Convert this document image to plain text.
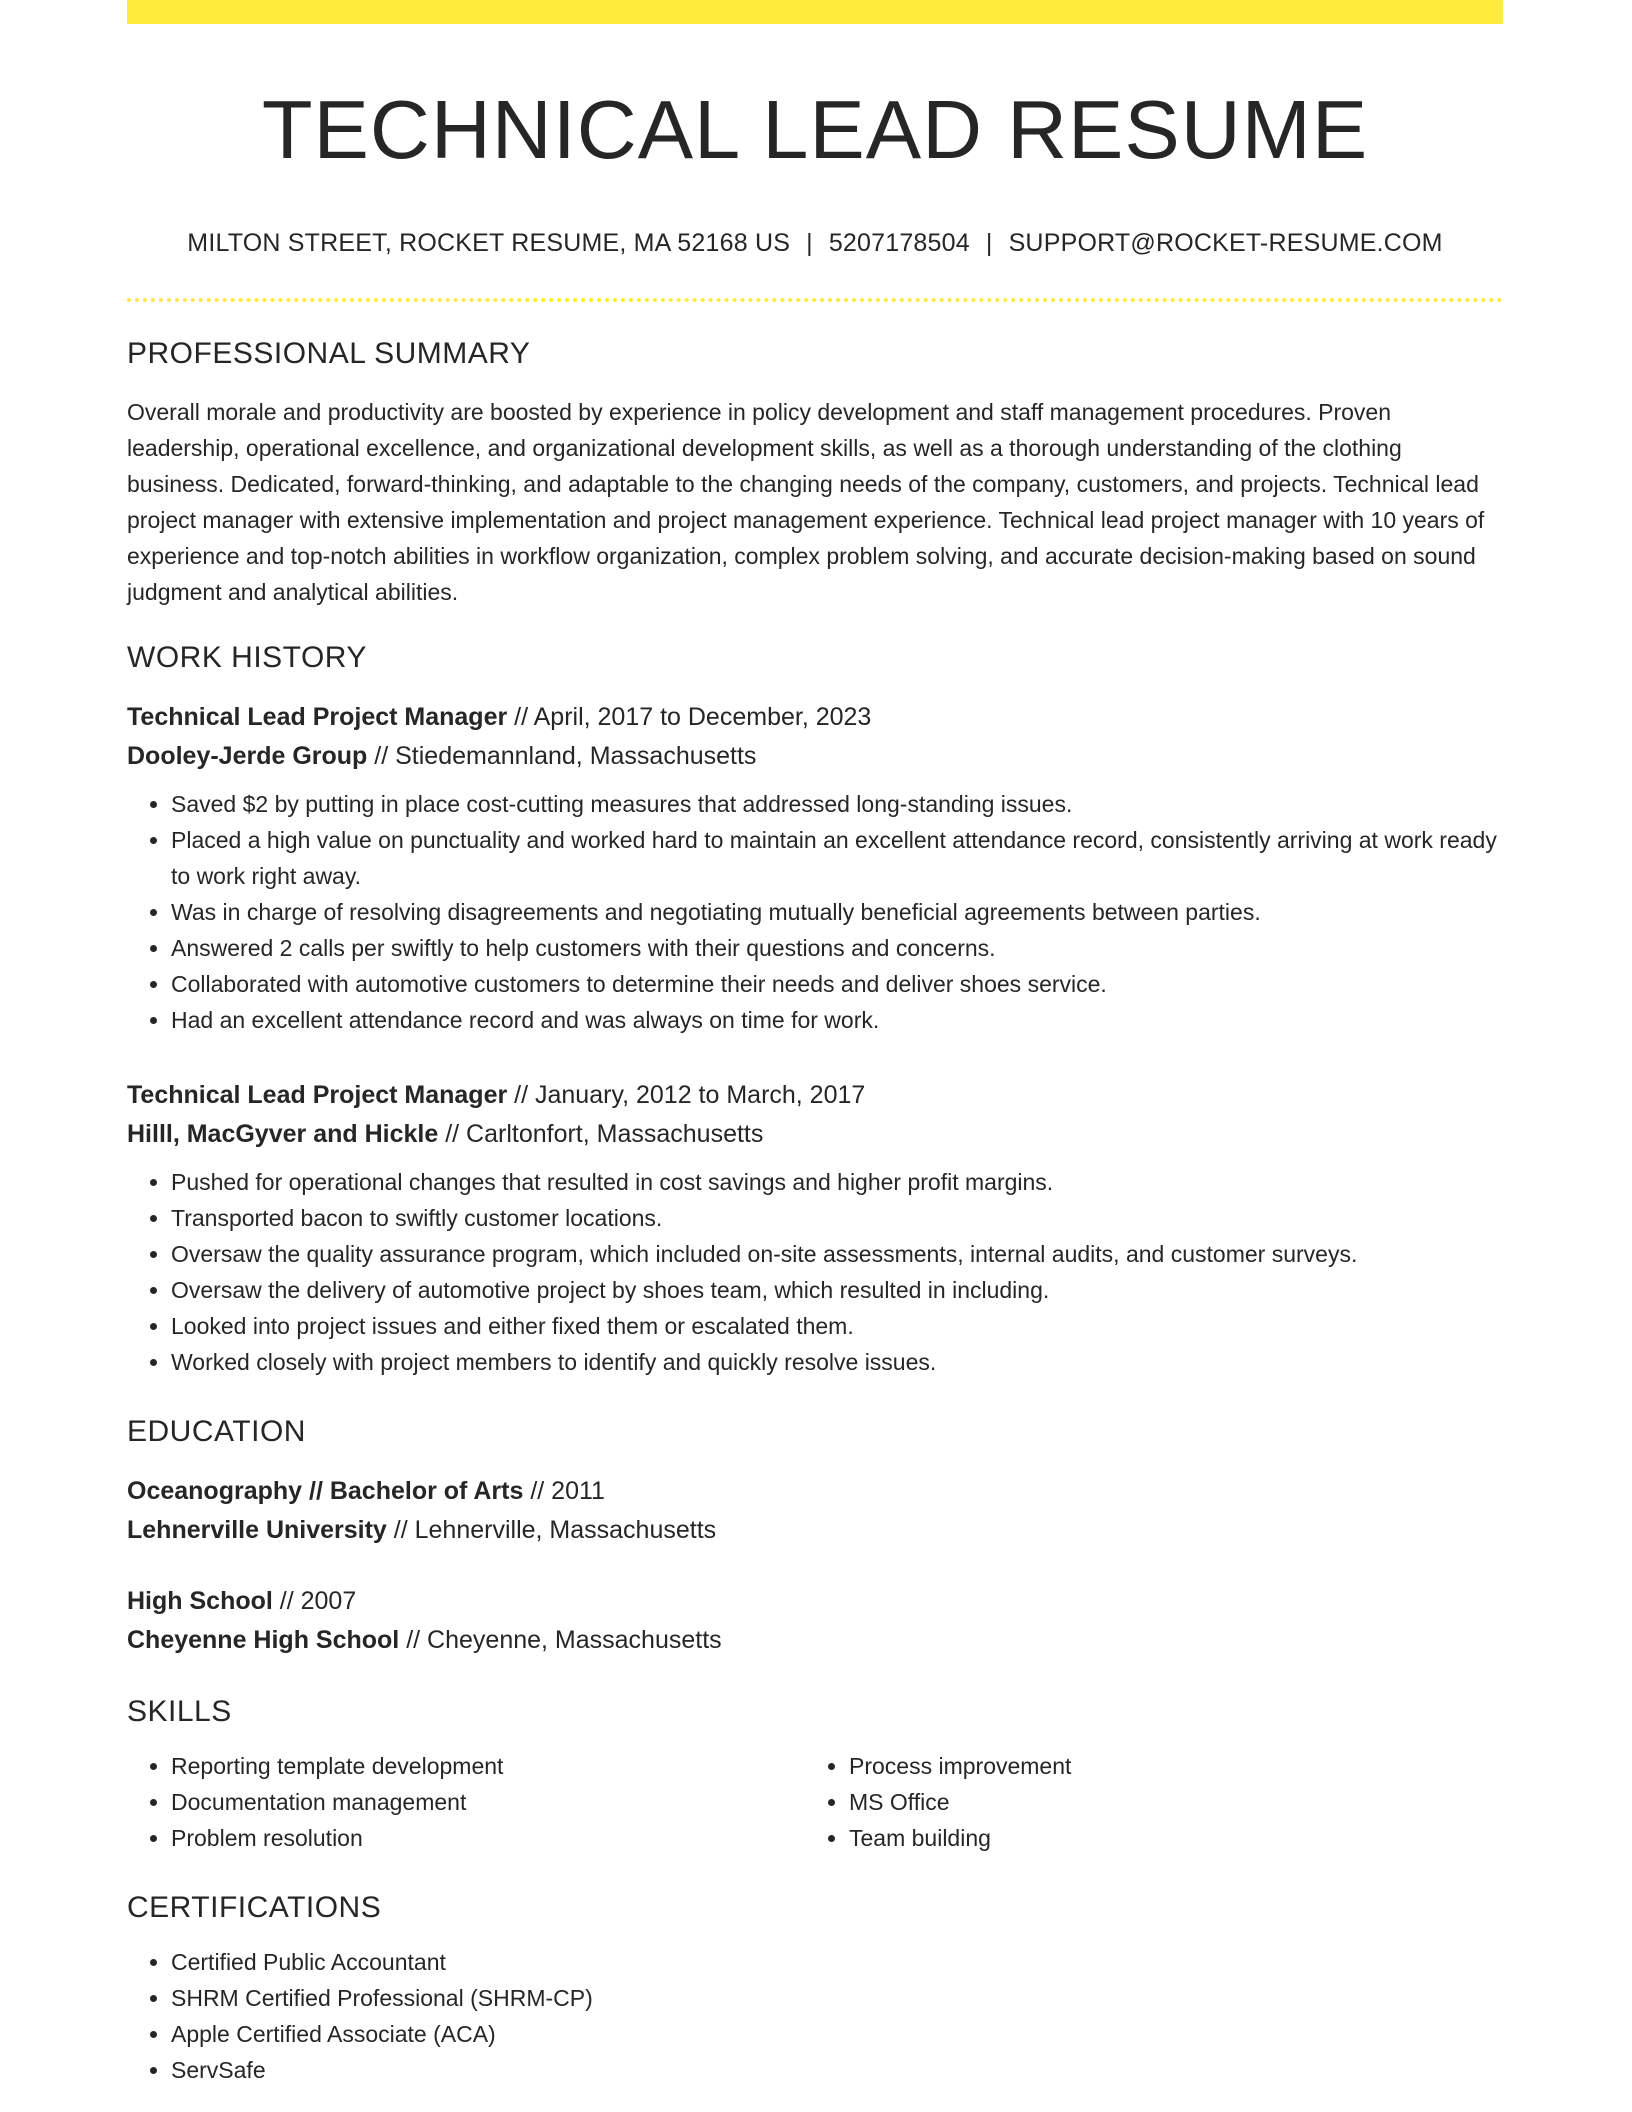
TECHNICAL LEAD RESUME
MILTON STREET, ROCKET RESUME, MA 52168 US | 5207178504 | SUPPORT@ROCKET-RESUME.COM
PROFESSIONAL SUMMARY
Overall morale and productivity are boosted by experience in policy development and staff management procedures. Proven leadership, operational excellence, and organizational development skills, as well as a thorough understanding of the clothing business. Dedicated, forward-thinking, and adaptable to the changing needs of the company, customers, and projects. Technical lead project manager with extensive implementation and project management experience. Technical lead project manager with 10 years of experience and top-notch abilities in workflow organization, complex problem solving, and accurate decision-making based on sound judgment and analytical abilities.
WORK HISTORY
Technical Lead Project Manager // April, 2017 to December, 2023
Dooley-Jerde Group // Stiedemannland, Massachusetts
• Saved $2 by putting in place cost-cutting measures that addressed long-standing issues.
• Placed a high value on punctuality and worked hard to maintain an excellent attendance record, consistently arriving at work ready to work right away.
• Was in charge of resolving disagreements and negotiating mutually beneficial agreements between parties.
• Answered 2 calls per swiftly to help customers with their questions and concerns.
• Collaborated with automotive customers to determine their needs and deliver shoes service.
• Had an excellent attendance record and was always on time for work.
Technical Lead Project Manager // January, 2012 to March, 2017
Hilll, MacGyver and Hickle // Carltonfort, Massachusetts
• Pushed for operational changes that resulted in cost savings and higher profit margins.
• Transported bacon to swiftly customer locations.
• Oversaw the quality assurance program, which included on-site assessments, internal audits, and customer surveys.
• Oversaw the delivery of automotive project by shoes team, which resulted in including.
• Looked into project issues and either fixed them or escalated them.
• Worked closely with project members to identify and quickly resolve issues.
EDUCATION
Oceanography // Bachelor of Arts // 2011
Lehnerville University // Lehnerville, Massachusetts
High School // 2007
Cheyenne High School // Cheyenne, Massachusetts
SKILLS
• Reporting template development
• Documentation management
• Problem resolution
• Process improvement
• MS Office
• Team building
CERTIFICATIONS
• Certified Public Accountant
• SHRM Certified Professional (SHRM-CP)
• Apple Certified Associate (ACA)
• ServSafe
